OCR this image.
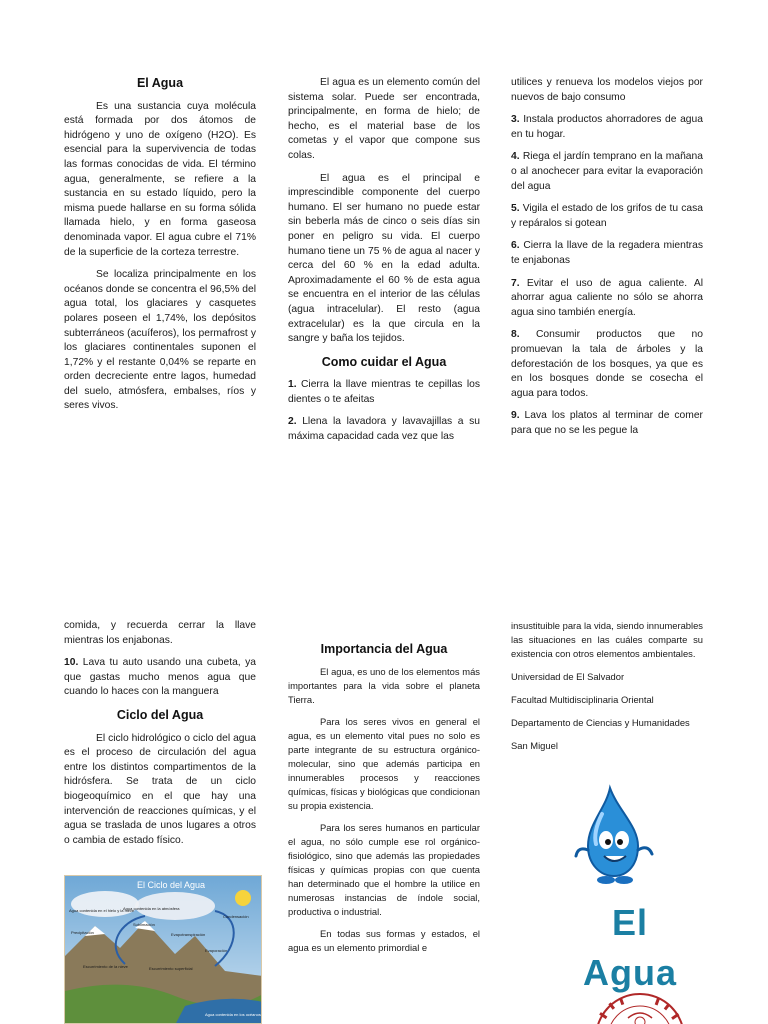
El Agua

Es una sustancia cuya molécula está formada por dos átomos de hidrógeno y uno de oxígeno (H2O). Es esencial para la supervivencia de todas las formas conocidas de vida. El término agua, generalmente, se refiere a la sustancia en su estado líquido, pero la misma puede hallarse en su forma sólida llamada hielo, y en forma gaseosa denominada vapor. El agua cubre el 71% de la superficie de la corteza terrestre.

Se localiza principalmente en los océanos donde se concentra el 96,5% del agua total, los glaciares y casquetes polares poseen el 1,74%, los depósitos subterráneos (acuíferos), los permafrost y los glaciares continentales suponen el 1,72% y el restante 0,04% se reparte en orden decreciente entre lagos, humedad del suelo, atmósfera, embalses, ríos y seres vivos.

El agua es un elemento común del sistema solar. Puede ser encontrada, principalmente, en forma de hielo; de hecho, es el material base de los cometas y el vapor que compone sus colas.

El agua es el principal e imprescindible componente del cuerpo humano. El ser humano no puede estar sin beberla más de cinco o seis días sin poner en peligro su vida. El cuerpo humano tiene un 75 % de agua al nacer y cerca del 60 % en la edad adulta. Aproximadamente el 60 % de esta agua se encuentra en el interior de las células (agua intracelular). El resto (agua extracelular) es la que circula en la sangre y baña los tejidos.

Como cuidar el Agua

1. Cierra la llave mientras te cepillas los dientes o te afeitas

2. Llena la lavadora y lavavajillas a su máxima capacidad cada vez que las

utilices y renueva los modelos viejos por nuevos de bajo consumo

3. Instala productos ahorradores de agua en tu hogar.

4. Riega el jardín temprano en la mañana o al anochecer para evitar la evaporación del agua

5. Vigila el estado de los grifos de tu casa y repáralos si gotean

6. Cierra la llave de la regadera mientras te enjabonas

7. Evitar el uso de agua caliente. Al ahorrar agua caliente no sólo se ahorra agua sino también energía.

8. Consumir productos que no promuevan la tala de árboles y la deforestación de los bosques, ya que es en los bosques donde se cosecha el agua para todos.

9. Lava los platos al terminar de comer para que no se les pegue la

comida, y recuerda cerrar la llave mientras los enjabonas.

10. Lava tu auto usando una cubeta, ya que gastas mucho menos agua que cuando lo haces con la manguera

Ciclo del Agua

El ciclo hidrológico o ciclo del agua es el proceso de circulación del agua entre los distintos compartimentos de la hidrósfera. Se trata de un ciclo biogeoquímico en el que hay una intervención de reacciones químicas, y el agua se traslada de unos lugares a otros o cambia de estado físico.

El Ciclo del Agua
Agua contenida en el hielo y la nieve
Agua contenida en la atmósfera
Condensación
Sublimación
Precipitación	Evapotranspiración
Evaporación
Escurrimiento de la nieve	Escurrimiento superficial
Agua contenida en los océanos
Importancia del Agua

El agua, es uno de los elementos más importantes para la vida sobre el planeta Tierra.

Para los seres vivos en general el agua, es un elemento vital pues no solo es parte integrante de su estructura orgánico-molecular, sino que además participa en innumerables procesos y reacciones químicas, físicas y biológicas que condicionan su propia existencia.

Para los seres humanos en particular el agua, no sólo cumple ese rol orgánico-fisiológico, sino que además las propiedades físicas y químicas propias con que cuenta han determinado que el hombre la utilice en numerosas instancias de índole social, productiva o industrial.

En todas sus formas y estados, el agua es un elemento primordial e

insustituible para la vida, siendo innumerables las situaciones en las cuáles comparte su existencia con otros elementos ambientales.

Universidad de El Salvador

Facultad Multidisciplinaria Oriental

Departamento de Ciencias y Humanidades

San Miguel

El
Agua
